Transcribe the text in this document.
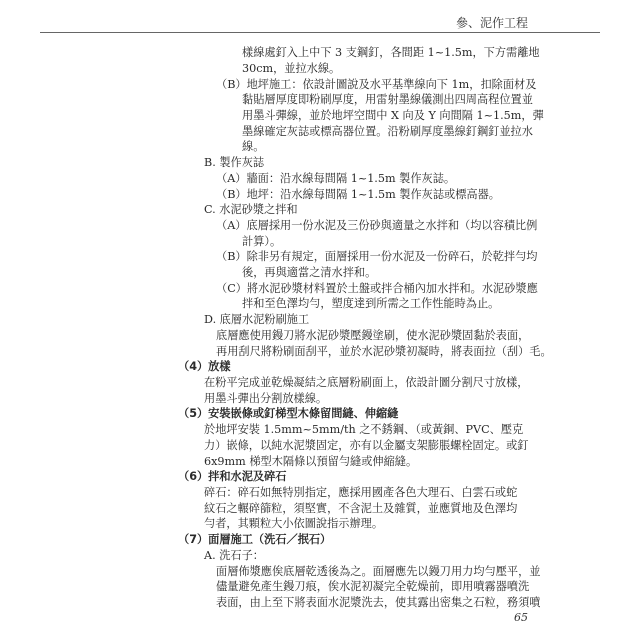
參、泥作工程
樣線處釘入上中下 3 支鋼釘，各間距 1~1.5m，下方需離地
30cm，並拉水線。
（B）地坪施工：依設計圖說及水平基準線向下 1m，扣除面材及
黏貼層厚度即粉刷厚度，用雷射墨線儀測出四周高程位置並
用墨斗彈線，並於地坪空間中 X 向及 Y 向間隔 1~1.5m，彈
墨線確定灰誌或標高器位置。沿粉刷厚度墨線釘鋼釘並拉水
線。
B. 製作灰誌
（A）牆面：沿水線每間隔 1~1.5m 製作灰誌。
（B）地坪：沿水線每間隔 1~1.5m 製作灰誌或標高器。
C. 水泥砂漿之拌和
（A）底層採用一份水泥及三份砂與適量之水拌和（均以容積比例
計算）。
（B）除非另有規定，面層採用一份水泥及一份碎石，於乾拌勻均
後，再與適當之清水拌和。
（C）將水泥砂漿材料置於土盤或拌合桶內加水拌和。水泥砂漿應
拌和至色澤均勻，塑度達到所需之工作性能時為止。
D. 底層水泥粉刷施工
底層應使用鏝刀將水泥砂漿壓鏝塗刷，使水泥砂漿固黏於表面，
再用刮尺將粉刷面刮平，並於水泥砂漿初凝時，將表面拉（刮）毛。
（4）放樣
在粉平完成並乾燥凝結之底層粉刷面上，依設計圖分割尺寸放樣，
用墨斗彈出分割放樣線。
（5）安裝嵌條或釘梯型木條留間縫、伸縮縫
於地坪安裝 1.5mm~5mm/th 之不銹鋼、（或黃銅、PVC、壓克
力）嵌條，以純水泥漿固定，亦有以金屬支架膨脹螺栓固定。或釘
6x9mm 梯型木隔條以預留勻縫或伸縮縫。
（6）拌和水泥及碎石
碎石：碎石如無特別指定，應採用國產各色大理石、白雲石或蛇
紋石之輾碎篩粒，須堅實，不含泥土及雜質，並應質地及色澤均
勻者，其顆粒大小依圖說指示辦理。
（7）面層施工（洗石／抿石）
A. 洗石子：
面層佈漿應俟底層乾透後為之。面層應先以鏝刀用力均勻壓平，並
儘量避免產生鏝刀痕，俟水泥初凝完全乾燥前，即用噴霧器噴洗
表面，由上至下將表面水泥漿洗去，使其露出密集之石粒，務須噴
65
